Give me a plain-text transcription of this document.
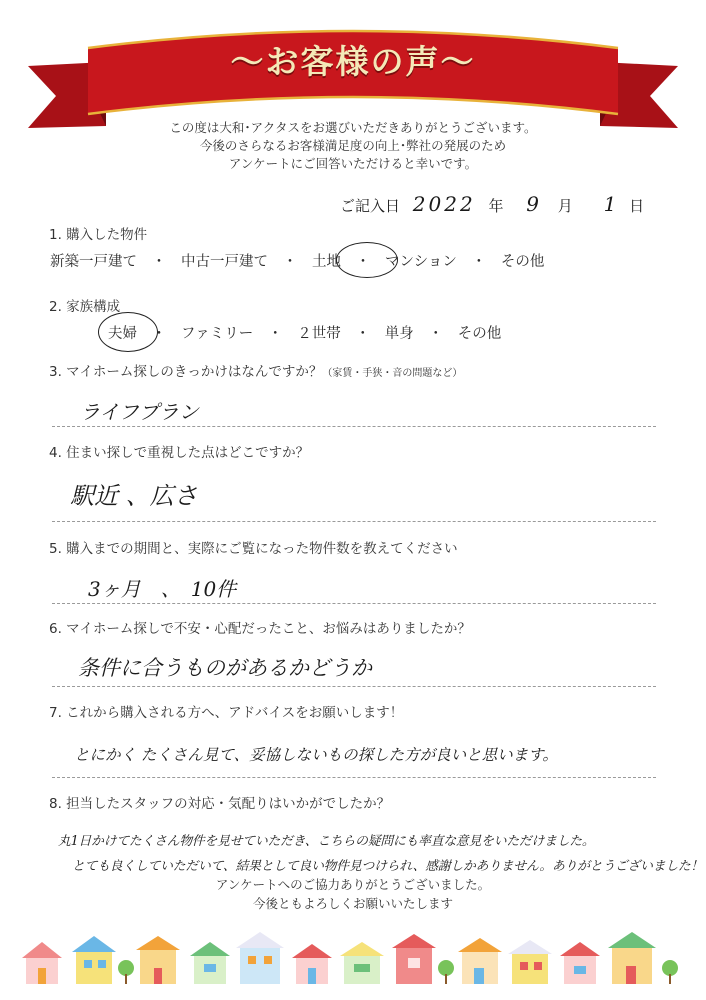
～お客様の声～
この度は大和･アクタスをお選びいただきありがとうございます。
今後のさらなるお客様満足度の向上･弊社の発展のため
アンケートにご回答いただけると幸いです。
ご記入日 2022 年 9 月 1 日
1. 購入した物件
新築一戸建て ・ 中古一戸建て ・ 土地 ・ マンション ・ その他
2. 家族構成
夫婦 ・ ファミリー ・ ２世帯 ・ 単身 ・ その他
3. マイホーム探しのきっかけはなんですか？（家賃・手狭・音の問題など）
ライフプラン
4. 住まい探しで重視した点はどこですか？
駅近 、広さ
5. 購入までの期間と、実際にご覧になった物件数を教えてください
3ヶ月　、　10件
6. マイホーム探しで不安・心配だったこと、お悩みはありましたか？
条件に合うものがあるかどうか
7. これから購入される方へ、アドバイスをお願いします！
とにかく たくさん見て、妥協しないもの探した方が良いと思います。
8. 担当したスタッフの対応・気配りはいかがでしたか？
丸1日かけてたくさん物件を見せていただき、こちらの疑問にも率直な意見をいただけました。
とても良くしていただいて、結果として良い物件見つけられ、感謝しかありません。ありがとうございました！
アンケートへのご協力ありがとうございました。
今後ともよろしくお願いいたします
